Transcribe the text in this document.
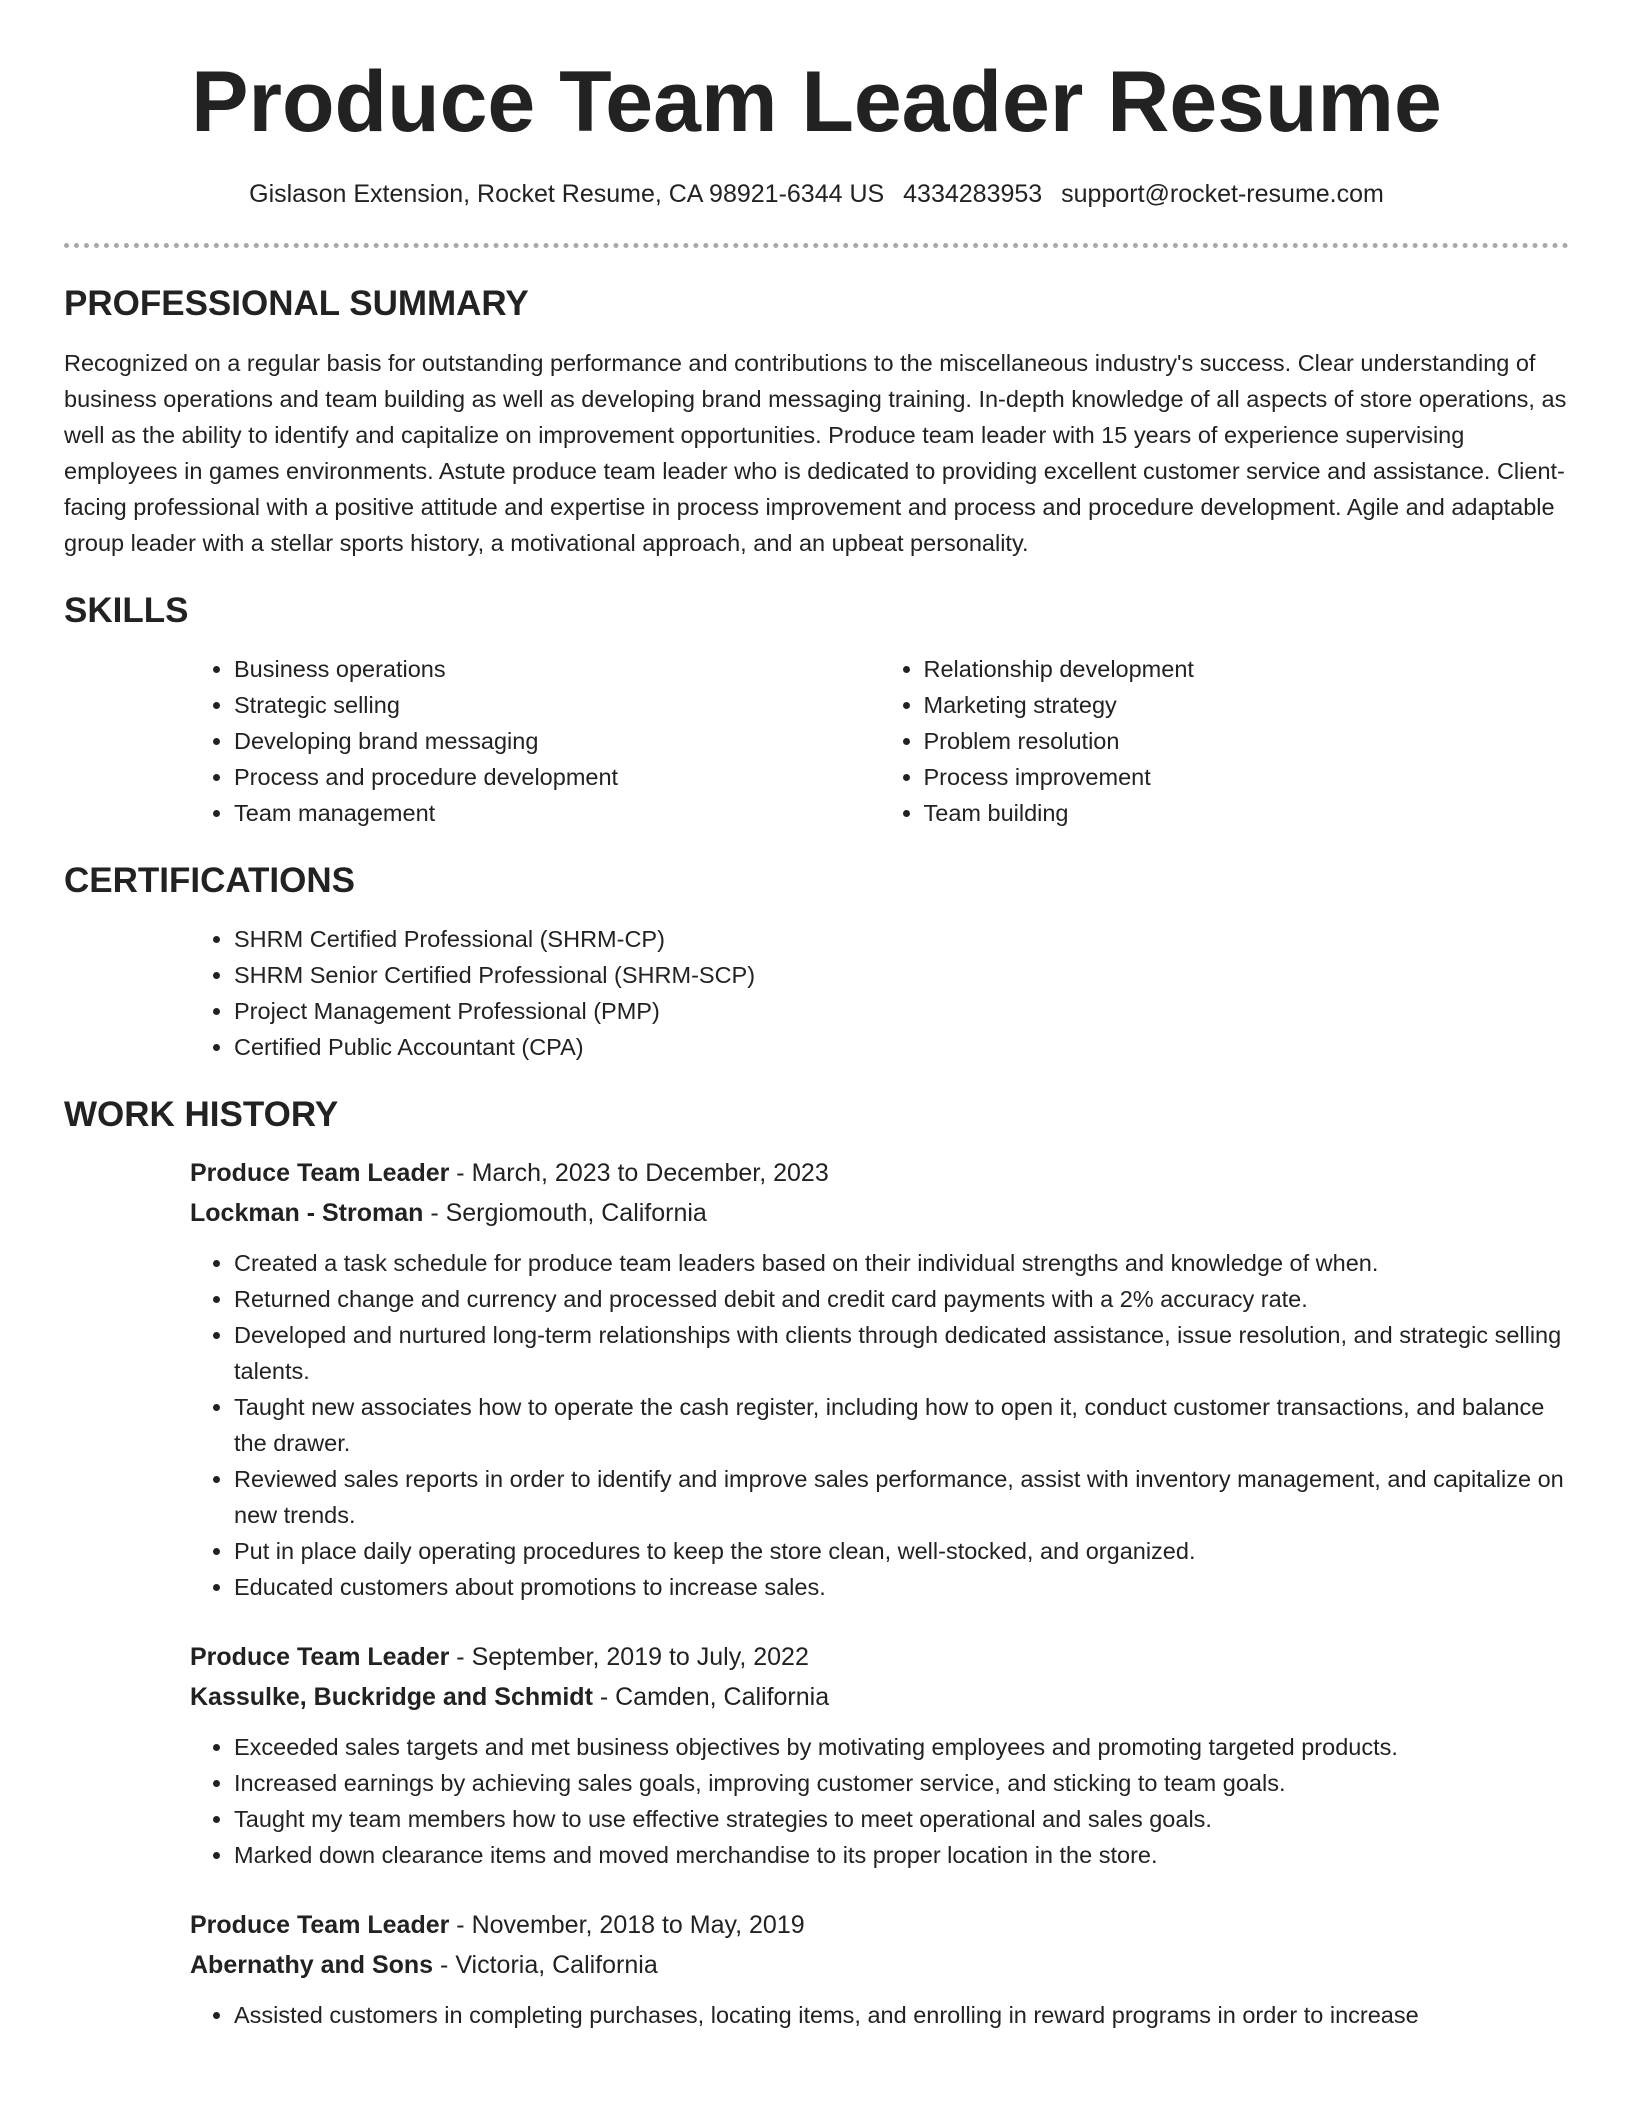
Produce Team Leader Resume
Gislason Extension, Rocket Resume, CA 98921-6344 US 4334283953 support@rocket-resume.com
PROFESSIONAL SUMMARY

Recognized on a regular basis for outstanding performance and contributions to the miscellaneous industry's success. Clear understanding of business operations and team building as well as developing brand messaging training. In-depth knowledge of all aspects of store operations, as well as the ability to identify and capitalize on improvement opportunities. Produce team leader with 15 years of experience supervising employees in games environments. Astute produce team leader who is dedicated to providing excellent customer service and assistance. Client-facing professional with a positive attitude and expertise in process improvement and process and procedure development. Agile and adaptable group leader with a stellar sports history, a motivational approach, and an upbeat personality.

SKILLS
• Business operations
• Strategic selling
• Developing brand messaging
• Process and procedure development
• Team management
• Relationship development
• Marketing strategy
• Problem resolution
• Process improvement
• Team building
CERTIFICATIONS
• SHRM Certified Professional (SHRM-CP)
• SHRM Senior Certified Professional (SHRM-SCP)
• Project Management Professional (PMP)
• Certified Public Accountant (CPA)
WORK HISTORY
Produce Team Leader - March, 2023 to December, 2023
Lockman - Stroman - Sergiomouth, California
• Created a task schedule for produce team leaders based on their individual strengths and knowledge of when.
• Returned change and currency and processed debit and credit card payments with a 2% accuracy rate.
• Developed and nurtured long-term relationships with clients through dedicated assistance, issue resolution, and strategic selling talents.
• Taught new associates how to operate the cash register, including how to open it, conduct customer transactions, and balance the drawer.
• Reviewed sales reports in order to identify and improve sales performance, assist with inventory management, and capitalize on new trends.
• Put in place daily operating procedures to keep the store clean, well-stocked, and organized.
• Educated customers about promotions to increase sales.
Produce Team Leader - September, 2019 to July, 2022
Kassulke, Buckridge and Schmidt - Camden, California
• Exceeded sales targets and met business objectives by motivating employees and promoting targeted products.
• Increased earnings by achieving sales goals, improving customer service, and sticking to team goals.
• Taught my team members how to use effective strategies to meet operational and sales goals.
• Marked down clearance items and moved merchandise to its proper location in the store.
Produce Team Leader - November, 2018 to May, 2019
Abernathy and Sons - Victoria, California
• Assisted customers in completing purchases, locating items, and enrolling in reward programs in order to increase
